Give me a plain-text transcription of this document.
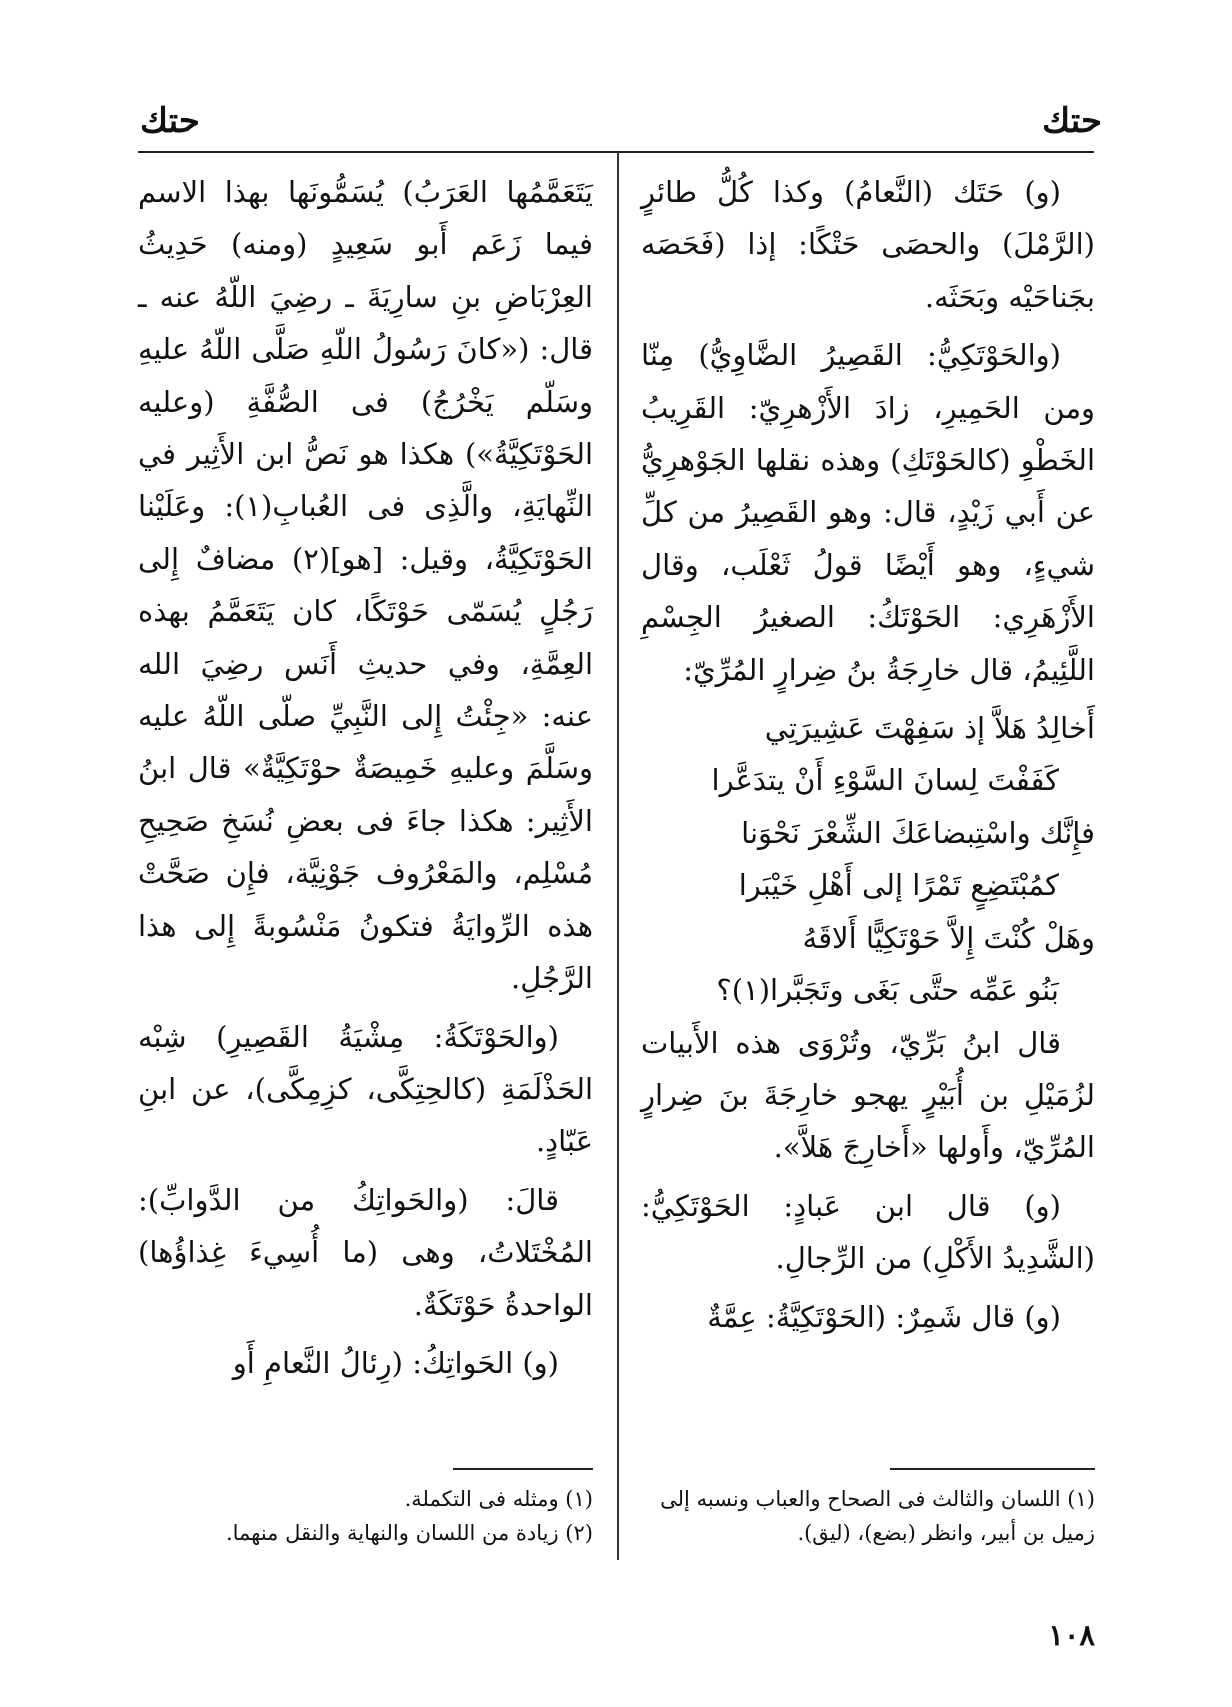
حتك
حتك

(و) حَتَك (النَّعامُ) وكذا كُلُّ طائرٍ (الرَّمْلَ) والحصَى حَتْكًا: إذا (فَحَصَه بجَناحَيْه وبَحَثَه.

(والحَوْتَكِيُّ: القَصِيرُ الضَّاوِيُّ) مِنّا ومن الحَمِيرِ، زادَ الأَزْهرِيّ: القَرِيبُ الخَطْوِ (كالحَوْتَكِ) وهذه نقلها الجَوْهرِيُّ عن أَبي زَيْدٍ، قال: وهو القَصِيرُ من كلِّ شيءٍ، وهو أَيْضًا قولُ ثَعْلَب، وقال الأَزْهَرِي: الحَوْتَكُ: الصغيرُ الجِسْمِ اللَّئِيمُ، قال خارِجَةُ بنُ ضِرارٍ المُرِّيّ:

أَخالِدُ هَلاَّ إذ سَفِهْتَ عَشِيرَتِي
كَفَفْتَ لِسانَ السَّوْءِ أَنْ يتدَعَّرا
فإِنَّك واسْتِبضاعَكَ الشِّعْرَ نَحْوَنا
كمُبْتَضِعٍ تَمْرًا إلى أَهْلِ خَيْبَرا
وهَلْ كُنْتَ إِلاَّ حَوْتَكِيًّا أَلاقَهُ
بَنُو عَمِّه حتَّى بَغَى وتَجَبَّرا(١)؟

قال ابنُ بَرِّيّ، وتُرْوَى هذه الأَبيات لزُمَيْلِ بن أُبَيْرٍ يهجو خارِجَةَ بنَ ضِرارٍ المُرِّيّ، وأَولها «أَخارِجَ هَلاَّ».

(و) قال ابن عَبادٍ: الحَوْتَكِيُّ: (الشَّدِيدُ الأَكْلِ) من الرِّجالِ.

(و) قال شَمِرٌ: (الحَوْتَكِيَّةُ: عِمَّةٌ

يَتَعَمَّمُها العَرَبُ) يُسَمُّونَها بهذا الاسم فيما زَعَم أَبو سَعِيدٍ (ومنه) حَدِيثُ العِرْبَاضِ بنِ سارِيَةَ ـ رضِيَ اللّهُ عنه ـ قال: («كانَ رَسُولُ اللّهِ صَلَّى اللّهُ عليهِ وسَلّم يَخْرُجُ) فى الصُّفَّةِ (وعليه الحَوْتَكِيَّةُ») هكذا هو نَصُّ ابن الأَثِير في النِّهايَةِ، والَّذِى فى العُبابِ(١): وعَلَيْنا الحَوْتَكِيَّةُ، وقيل: [هو](٢) مضافٌ إِلى رَجُلٍ يُسَمّى حَوْتَكًا، كان يَتَعَمَّمُ بهذه العِمَّةِ، وفي حديثِ أَنَس رضِيَ الله عنه: «جِئْتُ إِلى النَّبِيِّ صلّى اللّهُ عليه وسَلَّمَ وعليهِ خَمِيصَةٌ حوْتَكِيَّةٌ» قال ابنُ الأَثِير: هكذا جاءَ فى بعضِ نُسَخِ صَحِيحِ مُسْلِم، والمَعْرُوف جَوْنِيَّة، فإِن صَحَّتْ هذه الرِّوايَةُ فتكونُ مَنْسُوبةً إِلى هذا الرَّجُلِ.

(والحَوْتَكَةُ: مِشْيَةُ القَصِيرِ) شِبْه الحَذْلَمَةِ (كالحِتِكَّى، كزِمِكَّى)، عن ابنِ عَبّادٍ.

قالَ: (والحَواتِكُ من الدَّوابِّ): المُخْتَلاتُ، وهى (ما أُسِيءَ غِذاؤُها) الواحدةُ حَوْتَكَةٌ.

(و) الحَواتِكُ: (رِئالُ النَّعامِ أَو

(١) اللسان والثالث فى الصحاح والعباب ونسبه إلى زميل بن أبير، وانظر (بضع)، (ليق).

(١) ومثله فى التكملة.

(٢) زيادة من اللسان والنهاية والنقل منهما.

١٠٨
